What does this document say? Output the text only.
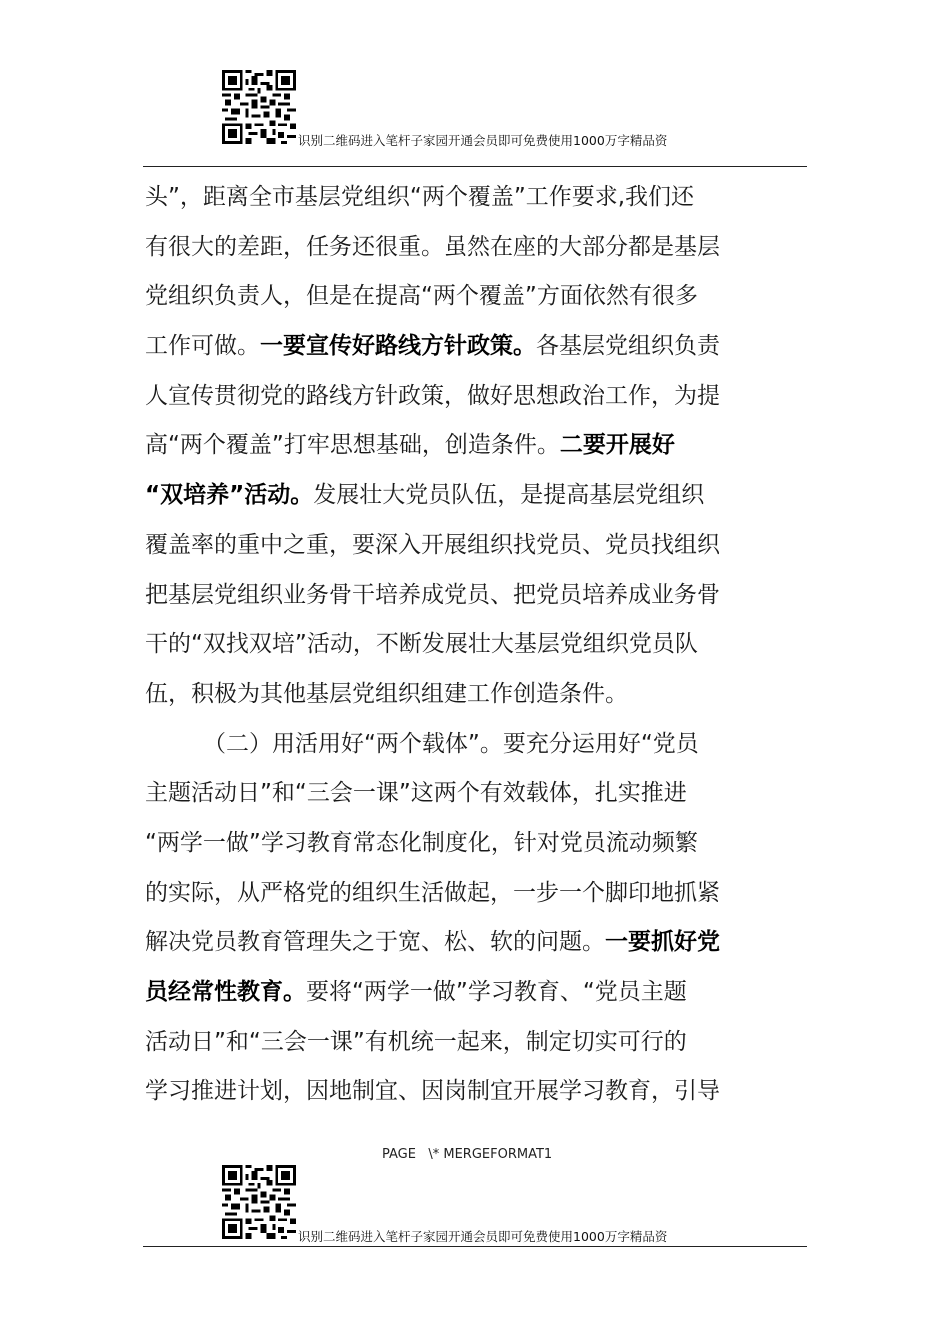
识别二维码进入笔杆子家园开通会员即可免费使用1000万字精品资
头”，距离全市基层党组织“两个覆盖”工作要求,我们还
有很大的差距，任务还很重。虽然在座的大部分都是基层
党组织负责人，但是在提高“两个覆盖”方面依然有很多
工作可做。一要宣传好路线方针政策。各基层党组织负责
人宣传贯彻党的路线方针政策，做好思想政治工作，为提
高“两个覆盖”打牢思想基础，创造条件。二要开展好
“双培养”活动。发展壮大党员队伍，是提高基层党组织
覆盖率的重中之重，要深入开展组织找党员、党员找组织
把基层党组织业务骨干培养成党员、把党员培养成业务骨
干的“双找双培”活动，不断发展壮大基层党组织党员队
伍，积极为其他基层党组织组建工作创造条件。
（二）用活用好“两个载体”。要充分运用好“党员
主题活动日”和“三会一课”这两个有效载体，扎实推进
“两学一做”学习教育常态化制度化，针对党员流动频繁
的实际，从严格党的组织生活做起，一步一个脚印地抓紧
解决党员教育管理失之于宽、松、软的问题。一要抓好党
员经常性教育。要将“两学一做”学习教育、“党员主题
活动日”和“三会一课”有机统一起来，制定切实可行的
学习推进计划，因地制宜、因岗制宜开展学习教育，引导
PAGE   \* MERGEFORMAT1
识别二维码进入笔杆子家园开通会员即可免费使用1000万字精品资
